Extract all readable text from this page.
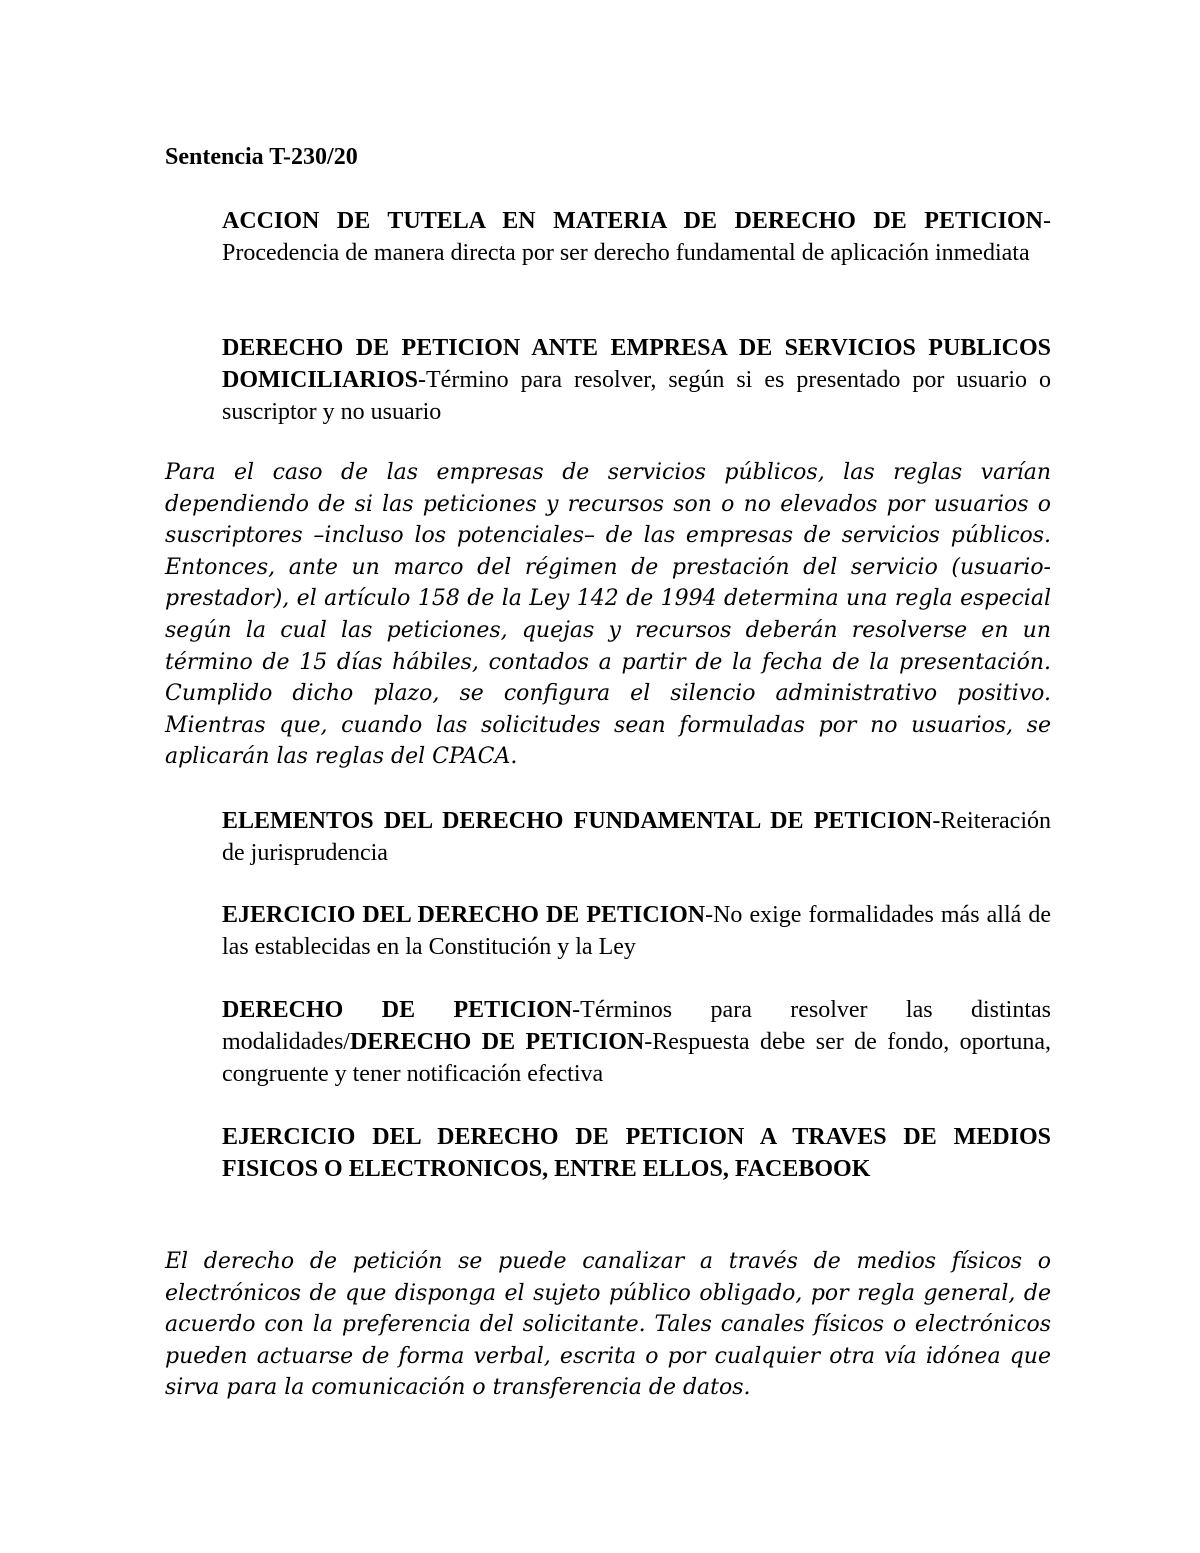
Sentencia T-230/20

ACCION DE TUTELA EN MATERIA DE DERECHO DE PETICION-Procedencia de manera directa por ser derecho fundamental de aplicación inmediata

DERECHO DE PETICION ANTE EMPRESA DE SERVICIOS PUBLICOS DOMICILIARIOS-Término para resolver, según si es presentado por usuario o suscriptor y no usuario

Para el caso de las empresas de servicios públicos, las reglas varían dependiendo de si las peticiones y recursos son o no elevados por usuarios o suscriptores –incluso los potenciales– de las empresas de servicios públicos. Entonces, ante un marco del régimen de prestación del servicio (usuario-prestador), el artículo 158 de la Ley 142 de 1994 determina una regla especial según la cual las peticiones, quejas y recursos deberán resolverse en un término de 15 días hábiles, contados a partir de la fecha de la presentación. Cumplido dicho plazo, se configura el silencio administrativo positivo. Mientras que, cuando las solicitudes sean formuladas por no usuarios, se aplicarán las reglas del CPACA.

ELEMENTOS DEL DERECHO FUNDAMENTAL DE PETICION-Reiteración de jurisprudencia

EJERCICIO DEL DERECHO DE PETICION-No exige formalidades más allá de las establecidas en la Constitución y la Ley

DERECHO DE PETICION-Términos para resolver las distintas modalidades/DERECHO DE PETICION-Respuesta debe ser de fondo, oportuna, congruente y tener notificación efectiva

EJERCICIO DEL DERECHO DE PETICION A TRAVES DE MEDIOS FISICOS O ELECTRONICOS, ENTRE ELLOS, FACEBOOK

El derecho de petición se puede canalizar a través de medios físicos o electrónicos de que disponga el sujeto público obligado, por regla general, de acuerdo con la preferencia del solicitante. Tales canales físicos o electrónicos pueden actuarse de forma verbal, escrita o por cualquier otra vía idónea que sirva para la comunicación o transferencia de datos.
